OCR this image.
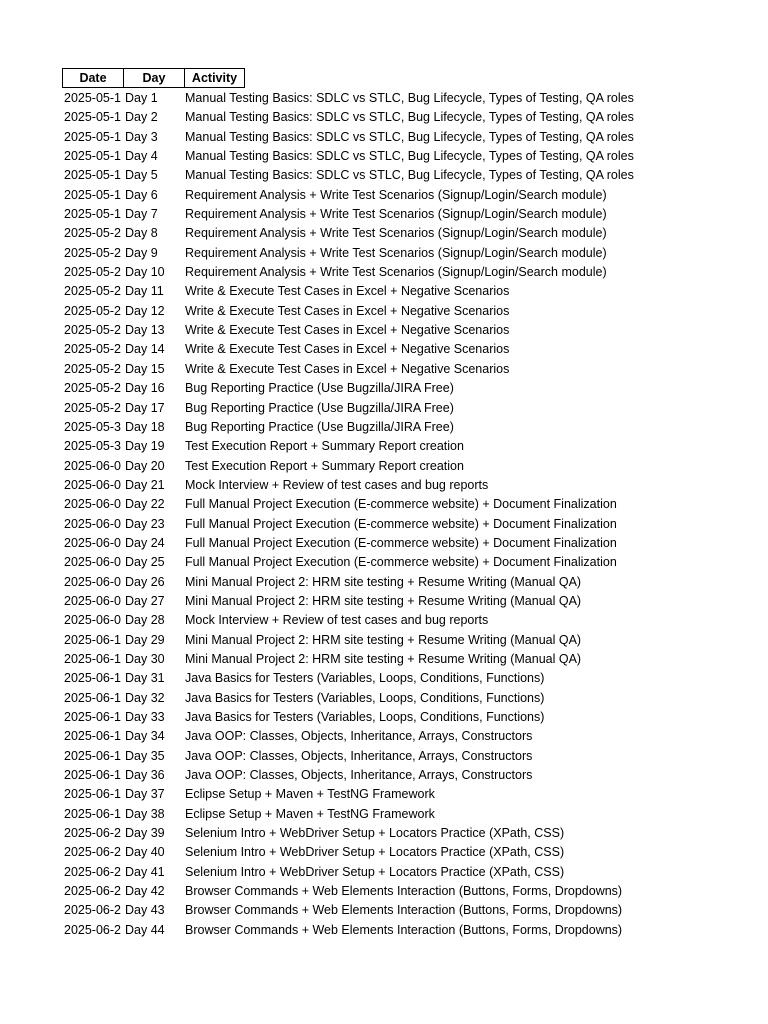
Date	Day	Activity
2025-05-1 Day 1	Manual Testing Basics: SDLC vs STLC, Bug Lifecycle, Types of Testing, QA roles
2025-05-1 Day 2	Manual Testing Basics: SDLC vs STLC, Bug Lifecycle, Types of Testing, QA roles
2025-05-1 Day 3	Manual Testing Basics: SDLC vs STLC, Bug Lifecycle, Types of Testing, QA roles
2025-05-1 Day 4	Manual Testing Basics: SDLC vs STLC, Bug Lifecycle, Types of Testing, QA roles
2025-05-1 Day 5	Manual Testing Basics: SDLC vs STLC, Bug Lifecycle, Types of Testing, QA roles
2025-05-1 Day 6	Requirement Analysis + Write Test Scenarios (Signup/Login/Search module)
2025-05-1 Day 7	Requirement Analysis + Write Test Scenarios (Signup/Login/Search module)
2025-05-2 Day 8	Requirement Analysis + Write Test Scenarios (Signup/Login/Search module)
2025-05-2 Day 9	Requirement Analysis + Write Test Scenarios (Signup/Login/Search module)
2025-05-2 Day 10	Requirement Analysis + Write Test Scenarios (Signup/Login/Search module)
2025-05-2 Day 11	Write & Execute Test Cases in Excel + Negative Scenarios
2025-05-2 Day 12	Write & Execute Test Cases in Excel + Negative Scenarios
2025-05-2 Day 13	Write & Execute Test Cases in Excel + Negative Scenarios
2025-05-2 Day 14	Write & Execute Test Cases in Excel + Negative Scenarios
2025-05-2 Day 15	Write & Execute Test Cases in Excel + Negative Scenarios
2025-05-2 Day 16	Bug Reporting Practice (Use Bugzilla/JIRA Free)
2025-05-2 Day 17	Bug Reporting Practice (Use Bugzilla/JIRA Free)
2025-05-3 Day 18	Bug Reporting Practice (Use Bugzilla/JIRA Free)
2025-05-3 Day 19	Test Execution Report + Summary Report creation
2025-06-0 Day 20	Test Execution Report + Summary Report creation
2025-06-0 Day 21	Mock Interview + Review of test cases and bug reports
2025-06-0 Day 22	Full Manual Project Execution (E-commerce website) + Document Finalization
2025-06-0 Day 23	Full Manual Project Execution (E-commerce website) + Document Finalization
2025-06-0 Day 24	Full Manual Project Execution (E-commerce website) + Document Finalization
2025-06-0 Day 25	Full Manual Project Execution (E-commerce website) + Document Finalization
2025-06-0 Day 26	Mini Manual Project 2: HRM site testing + Resume Writing (Manual QA)
2025-06-0 Day 27	Mini Manual Project 2: HRM site testing + Resume Writing (Manual QA)
2025-06-0 Day 28	Mock Interview + Review of test cases and bug reports
2025-06-1 Day 29	Mini Manual Project 2: HRM site testing + Resume Writing (Manual QA)
2025-06-1 Day 30	Mini Manual Project 2: HRM site testing + Resume Writing (Manual QA)
2025-06-1 Day 31	Java Basics for Testers (Variables, Loops, Conditions, Functions)
2025-06-1 Day 32	Java Basics for Testers (Variables, Loops, Conditions, Functions)
2025-06-1 Day 33	Java Basics for Testers (Variables, Loops, Conditions, Functions)
2025-06-1 Day 34	Java OOP: Classes, Objects, Inheritance, Arrays, Constructors
2025-06-1 Day 35	Java OOP: Classes, Objects, Inheritance, Arrays, Constructors
2025-06-1 Day 36	Java OOP: Classes, Objects, Inheritance, Arrays, Constructors
2025-06-1 Day 37	Eclipse Setup + Maven + TestNG Framework
2025-06-1 Day 38	Eclipse Setup + Maven + TestNG Framework
2025-06-2 Day 39	Selenium Intro + WebDriver Setup + Locators Practice (XPath, CSS)
2025-06-2 Day 40	Selenium Intro + WebDriver Setup + Locators Practice (XPath, CSS)
2025-06-2 Day 41	Selenium Intro + WebDriver Setup + Locators Practice (XPath, CSS)
2025-06-2 Day 42	Browser Commands + Web Elements Interaction (Buttons, Forms, Dropdowns)
2025-06-2 Day 43	Browser Commands + Web Elements Interaction (Buttons, Forms, Dropdowns)
2025-06-2 Day 44	Browser Commands + Web Elements Interaction (Buttons, Forms, Dropdowns)
